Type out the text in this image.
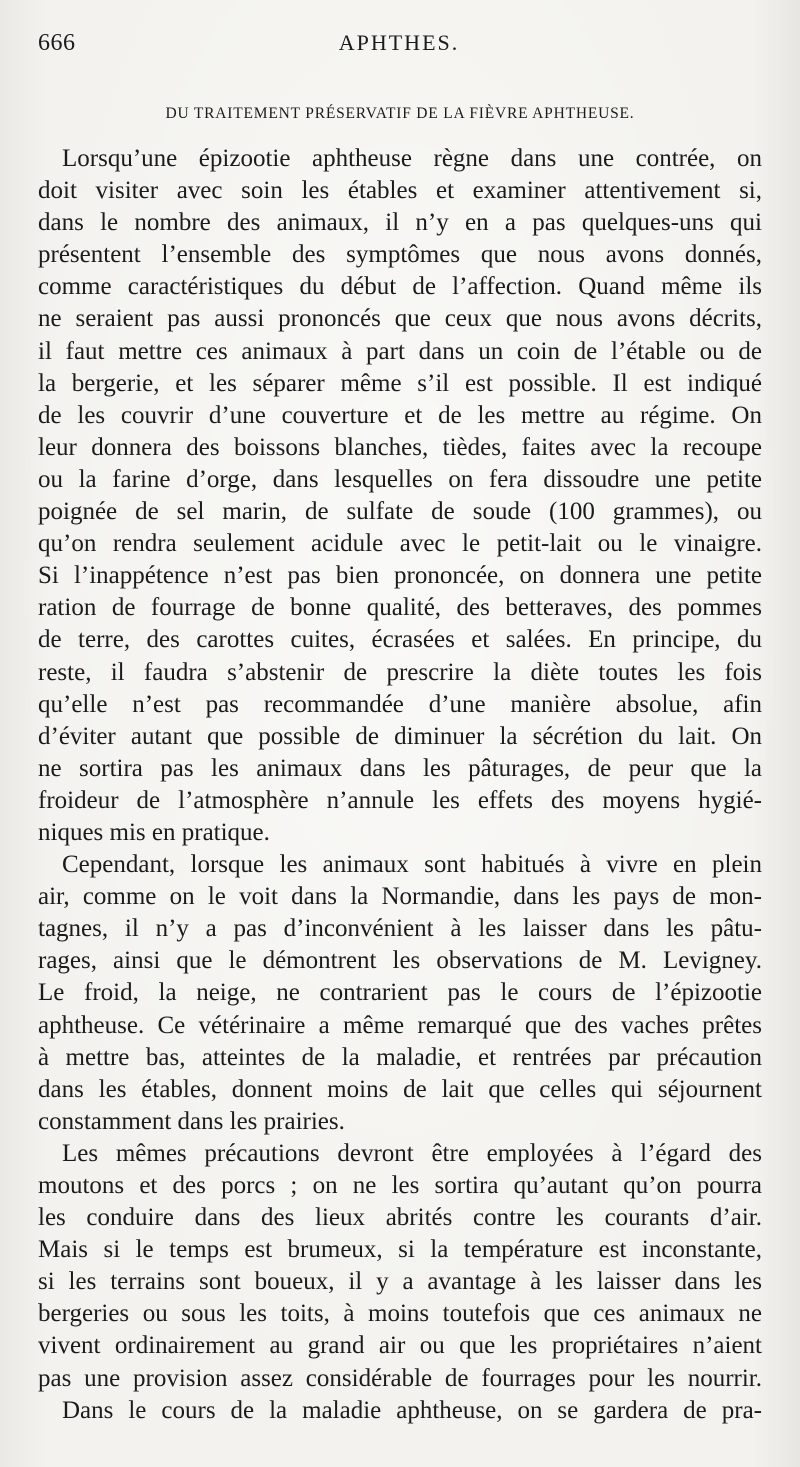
666	APHTHES.
DU TRAITEMENT PRÉSERVATIF DE LA FIÈVRE APHTHEUSE.
Lorsqu’une épizootie aphtheuse règne dans une contrée, on
doit visiter avec soin les étables et examiner attentivement si,
dans le nombre des animaux, il n’y en a pas quelques-uns qui
présentent l’ensemble des symptômes que nous avons donnés,
comme caractéristiques du début de l’affection. Quand même ils
ne seraient pas aussi prononcés que ceux que nous avons décrits,
il faut mettre ces animaux à part dans un coin de l’étable ou de
la bergerie, et les séparer même s’il est possible. Il est indiqué
de les couvrir d’une couverture et de les mettre au régime. On
leur donnera des boissons blanches, tièdes, faites avec la recoupe
ou la farine d’orge, dans lesquelles on fera dissoudre une petite
poignée de sel marin, de sulfate de soude (100 grammes), ou
qu’on rendra seulement acidule avec le petit-lait ou le vinaigre.
Si l’inappétence n’est pas bien prononcée, on donnera une petite
ration de fourrage de bonne qualité, des betteraves, des pommes
de terre, des carottes cuites, écrasées et salées. En principe, du
reste, il faudra s’abstenir de prescrire la diète toutes les fois
qu’elle n’est pas recommandée d’une manière absolue, afin
d’éviter autant que possible de diminuer la sécrétion du lait. On
ne sortira pas les animaux dans les pâturages, de peur que la
froideur de l’atmosphère n’annule les effets des moyens hygié-
niques mis en pratique.
Cependant, lorsque les animaux sont habitués à vivre en plein
air, comme on le voit dans la Normandie, dans les pays de mon-
tagnes, il n’y a pas d’inconvénient à les laisser dans les pâtu-
rages, ainsi que le démontrent les observations de M. Levigney.
Le froid, la neige, ne contrarient pas le cours de l’épizootie
aphtheuse. Ce vétérinaire a même remarqué que des vaches prêtes
à mettre bas, atteintes de la maladie, et rentrées par précaution
dans les étables, donnent moins de lait que celles qui séjournent
constamment dans les prairies.
Les mêmes précautions devront être employées à l’égard des
moutons et des porcs ; on ne les sortira qu’autant qu’on pourra
les conduire dans des lieux abrités contre les courants d’air.
Mais si le temps est brumeux, si la température est inconstante,
si les terrains sont boueux, il y a avantage à les laisser dans les
bergeries ou sous les toits, à moins toutefois que ces animaux ne
vivent ordinairement au grand air ou que les propriétaires n’aient
pas une provision assez considérable de fourrages pour les nourrir.
Dans le cours de la maladie aphtheuse, on se gardera de pra-
